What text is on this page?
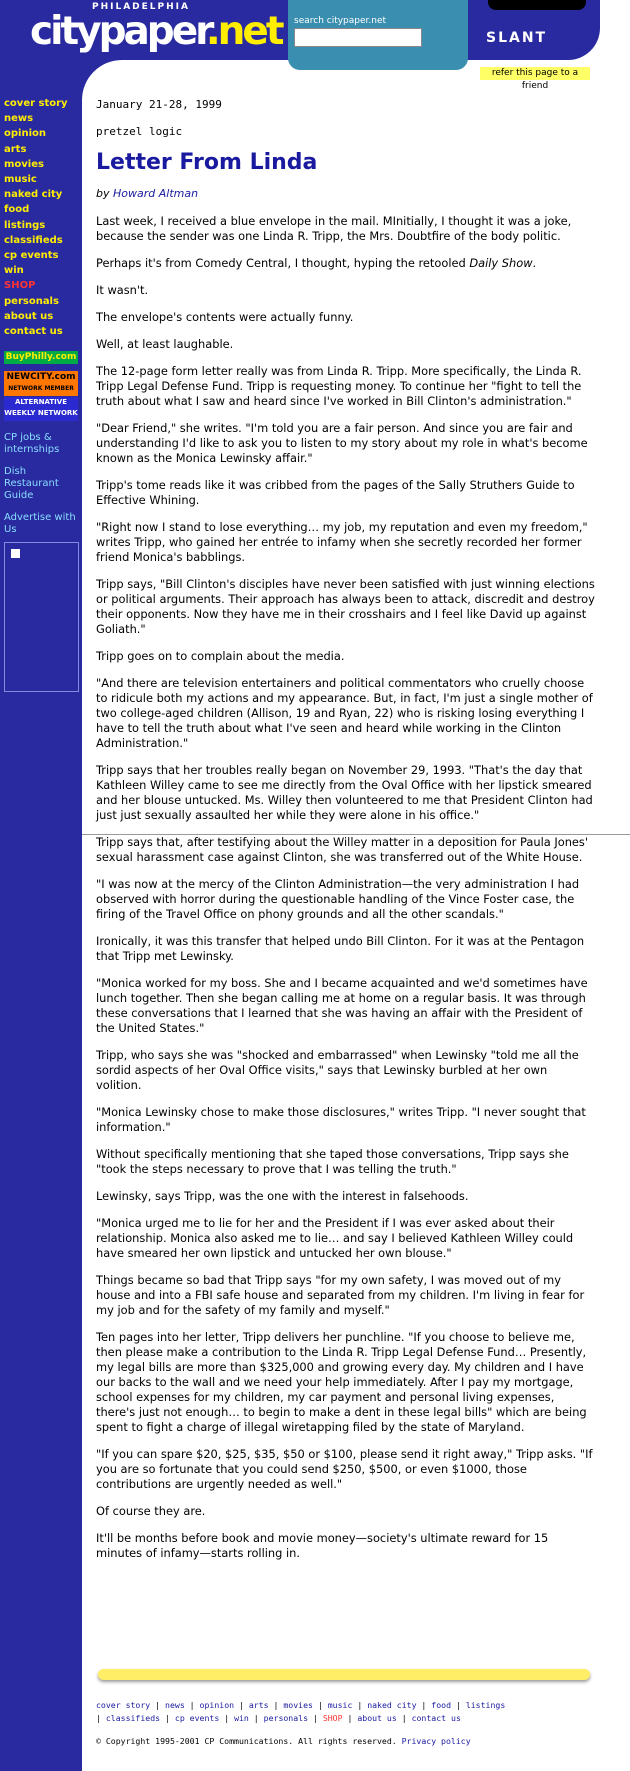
PHILADELPHIA
citypaper.net search citypaper.net
SLANT
refer this page to a friend
cover story
news
opinion
arts
movies
music
naked city
food
listings
classifieds
cp events
win
SHOP
personals
about us
contact us
BuyPhilly.com
NEWCITY.com
NETWORK MEMBER
ALTERNATIVE WEEKLY NETWORK
CP jobs & internships
Dish Restaurant Guide
Advertise with Us

January 21-28, 1999

pretzel logic

Letter From Linda

by Howard Altman

Last week, I received a blue envelope in the mail. MInitially, I thought it was a joke, because the sender was one Linda R. Tripp, the Mrs. Doubtfire of the body politic.

Perhaps it's from Comedy Central, I thought, hyping the retooled Daily Show.

It wasn't.

The envelope's contents were actually funny.

Well, at least laughable.

The 12-page form letter really was from Linda R. Tripp. More specifically, the Linda R. Tripp Legal Defense Fund. Tripp is requesting money. To continue her "fight to tell the truth about what I saw and heard since I've worked in Bill Clinton's administration."

"Dear Friend," she writes. "I'm told you are a fair person. And since you are fair and understanding I'd like to ask you to listen to my story about my role in what's become known as the Monica Lewinsky affair."

Tripp's tome reads like it was cribbed from the pages of the Sally Struthers Guide to Effective Whining.

"Right now I stand to lose everything… my job, my reputation and even my freedom," writes Tripp, who gained her entrée to infamy when she secretly recorded her former friend Monica's babblings.

Tripp says, "Bill Clinton's disciples have never been satisfied with just winning elections or political arguments. Their approach has always been to attack, discredit and destroy their opponents. Now they have me in their crosshairs and I feel like David up against Goliath."

Tripp goes on to complain about the media.

"And there are television entertainers and political commentators who cruelly choose to ridicule both my actions and my appearance. But, in fact, I'm just a single mother of two college-aged children (Allison, 19 and Ryan, 22) who is risking losing everything I have to tell the truth about what I've seen and heard while working in the Clinton Administration."

Tripp says that her troubles really began on November 29, 1993. "That's the day that Kathleen Willey came to see me directly from the Oval Office with her lipstick smeared and her blouse untucked. Ms. Willey then volunteered to me that President Clinton had just just sexually assaulted her while they were alone in his office."

Tripp says that, after testifying about the Willey matter in a deposition for Paula Jones' sexual harassment case against Clinton, she was transferred out of the White House.

"I was now at the mercy of the Clinton Administration—the very administration I had observed with horror during the questionable handling of the Vince Foster case, the firing of the Travel Office on phony grounds and all the other scandals."

Ironically, it was this transfer that helped undo Bill Clinton. For it was at the Pentagon that Tripp met Lewinsky.

"Monica worked for my boss. She and I became acquainted and we'd sometimes have lunch together. Then she began calling me at home on a regular basis. It was through these conversations that I learned that she was having an affair with the President of the United States."

Tripp, who says she was "shocked and embarrassed" when Lewinsky "told me all the sordid aspects of her Oval Office visits," says that Lewinsky burbled at her own volition.

"Monica Lewinsky chose to make those disclosures," writes Tripp. "I never sought that information."

Without specifically mentioning that she taped those conversations, Tripp says she "took the steps necessary to prove that I was telling the truth."

Lewinsky, says Tripp, was the one with the interest in falsehoods.

"Monica urged me to lie for her and the President if I was ever asked about their relationship. Monica also asked me to lie… and say I believed Kathleen Willey could have smeared her own lipstick and untucked her own blouse."

Things became so bad that Tripp says "for my own safety, I was moved out of my house and into a FBI safe house and separated from my children. I'm living in fear for my job and for the safety of my family and myself."

Ten pages into her letter, Tripp delivers her punchline. "If you choose to believe me, then please make a contribution to the Linda R. Tripp Legal Defense Fund… Presently, my legal bills are more than $325,000 and growing every day. My children and I have our backs to the wall and we need your help immediately. After I pay my mortgage, school expenses for my children, my car payment and personal living expenses, there's just not enough… to begin to make a dent in these legal bills" which are being spent to fight a charge of illegal wiretapping filed by the state of Maryland.

"If you can spare $20, $25, $35, $50 or $100, please send it right away," Tripp asks. "If you are so fortunate that you could send $250, $500, or even $1000, those contributions are urgently needed as well."

Of course they are.

It'll be months before book and movie money—society's ultimate reward for 15 minutes of infamy—starts rolling in.

cover story | news | opinion | arts | movies | music | naked city | food | listings
| classifieds | cp events | win | personals | SHOP | about us | contact us
© Copyright 1995-2001 CP Communications. All rights reserved. Privacy policy
